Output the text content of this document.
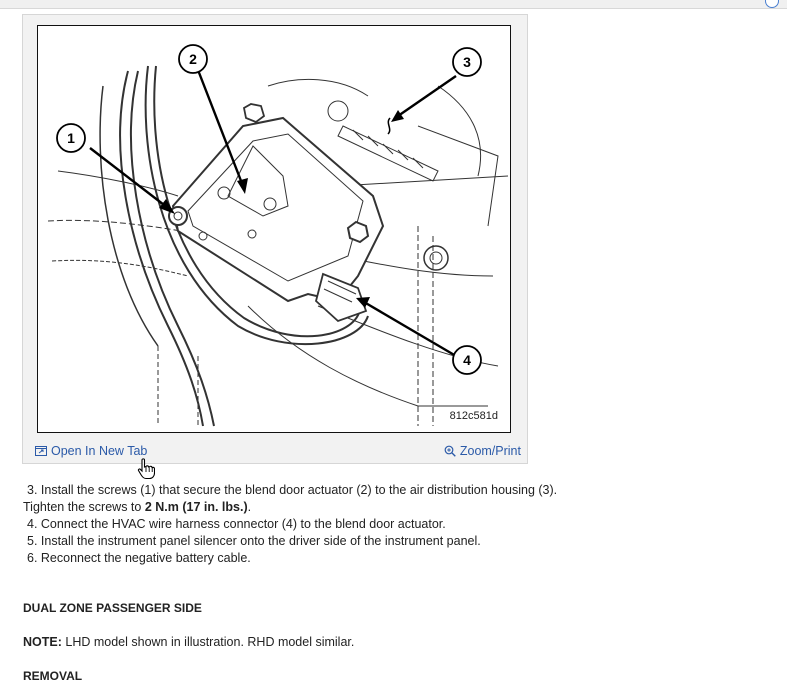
1
2	3
4
812c581d
Open In New Tab	Zoom/Print

3. Install the screws (1) that secure the blend door actuator (2) to the air distribution housing (3).

Tighten the screws to 2 N.m (17 in. lbs.).

4. Connect the HVAC wire harness connector (4) to the blend door actuator.

5. Install the instrument panel silencer onto the driver side of the instrument panel.

6. Reconnect the negative battery cable.

DUAL ZONE PASSENGER SIDE
NOTE: LHD model shown in illustration. RHD model similar.
REMOVAL
